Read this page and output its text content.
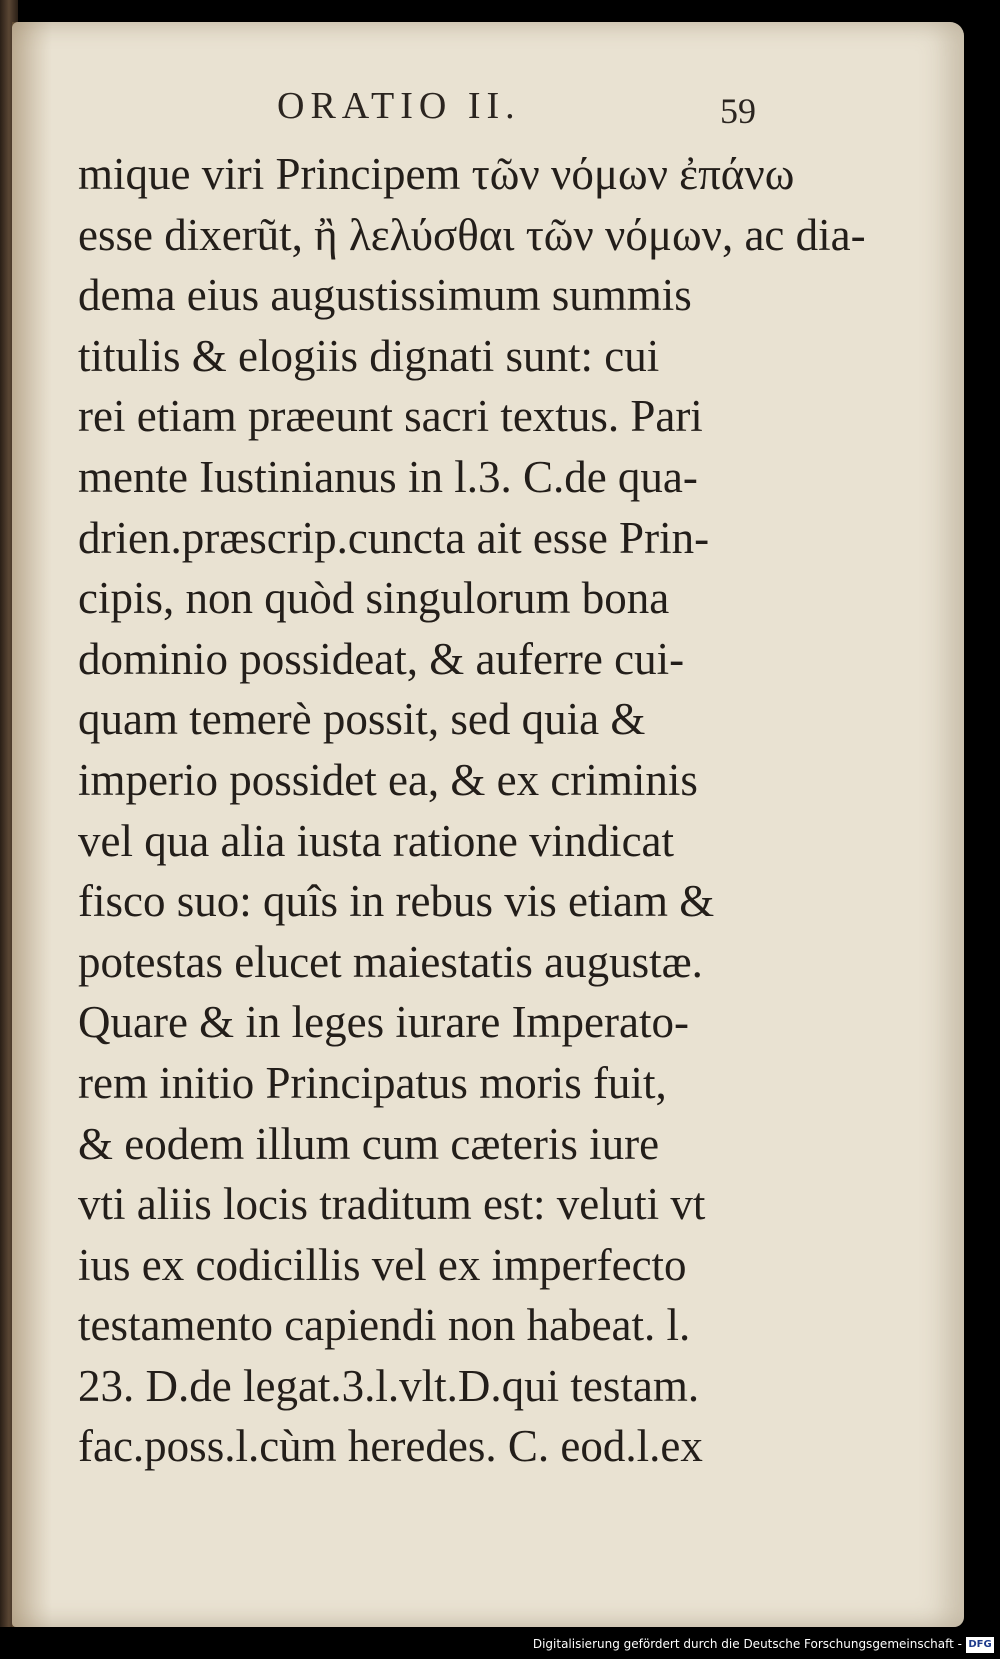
ORATIO II.	59
mique viri Principem τῶν νόμων ἐπάνω
esse dixerũt, ἢ λελύσθαι τῶν νόμων, ac dia-
dema eius augustissimum summis
titulis & elogiis dignati sunt: cui
rei etiam præeunt sacri textus. Pari
mente Iustinianus in l.3. C.de qua-
drien.præscrip.cuncta ait esse Prin-
cipis, non quòd singulorum bona
dominio possideat, & auferre cui-
quam temerè possit, sed quia &
imperio possidet ea, & ex criminis
vel qua alia iusta ratione vindicat
fisco suo: quîs in rebus vis etiam &
potestas elucet maiestatis augustæ.
Quare & in leges iurare Imperato-
rem initio Principatus moris fuit,
& eodem illum cum cæteris iure
vti aliis locis traditum est: veluti vt
ius ex codicillis vel ex imperfecto
testamento capiendi non habeat. l.
23. D.de legat.3.l.vlt.D.qui testam.
fac.poss.l.cùm heredes. C. eod.l.ex
Digitalisierung gefördert durch die Deutsche Forschungsgemeinschaft - DFG
